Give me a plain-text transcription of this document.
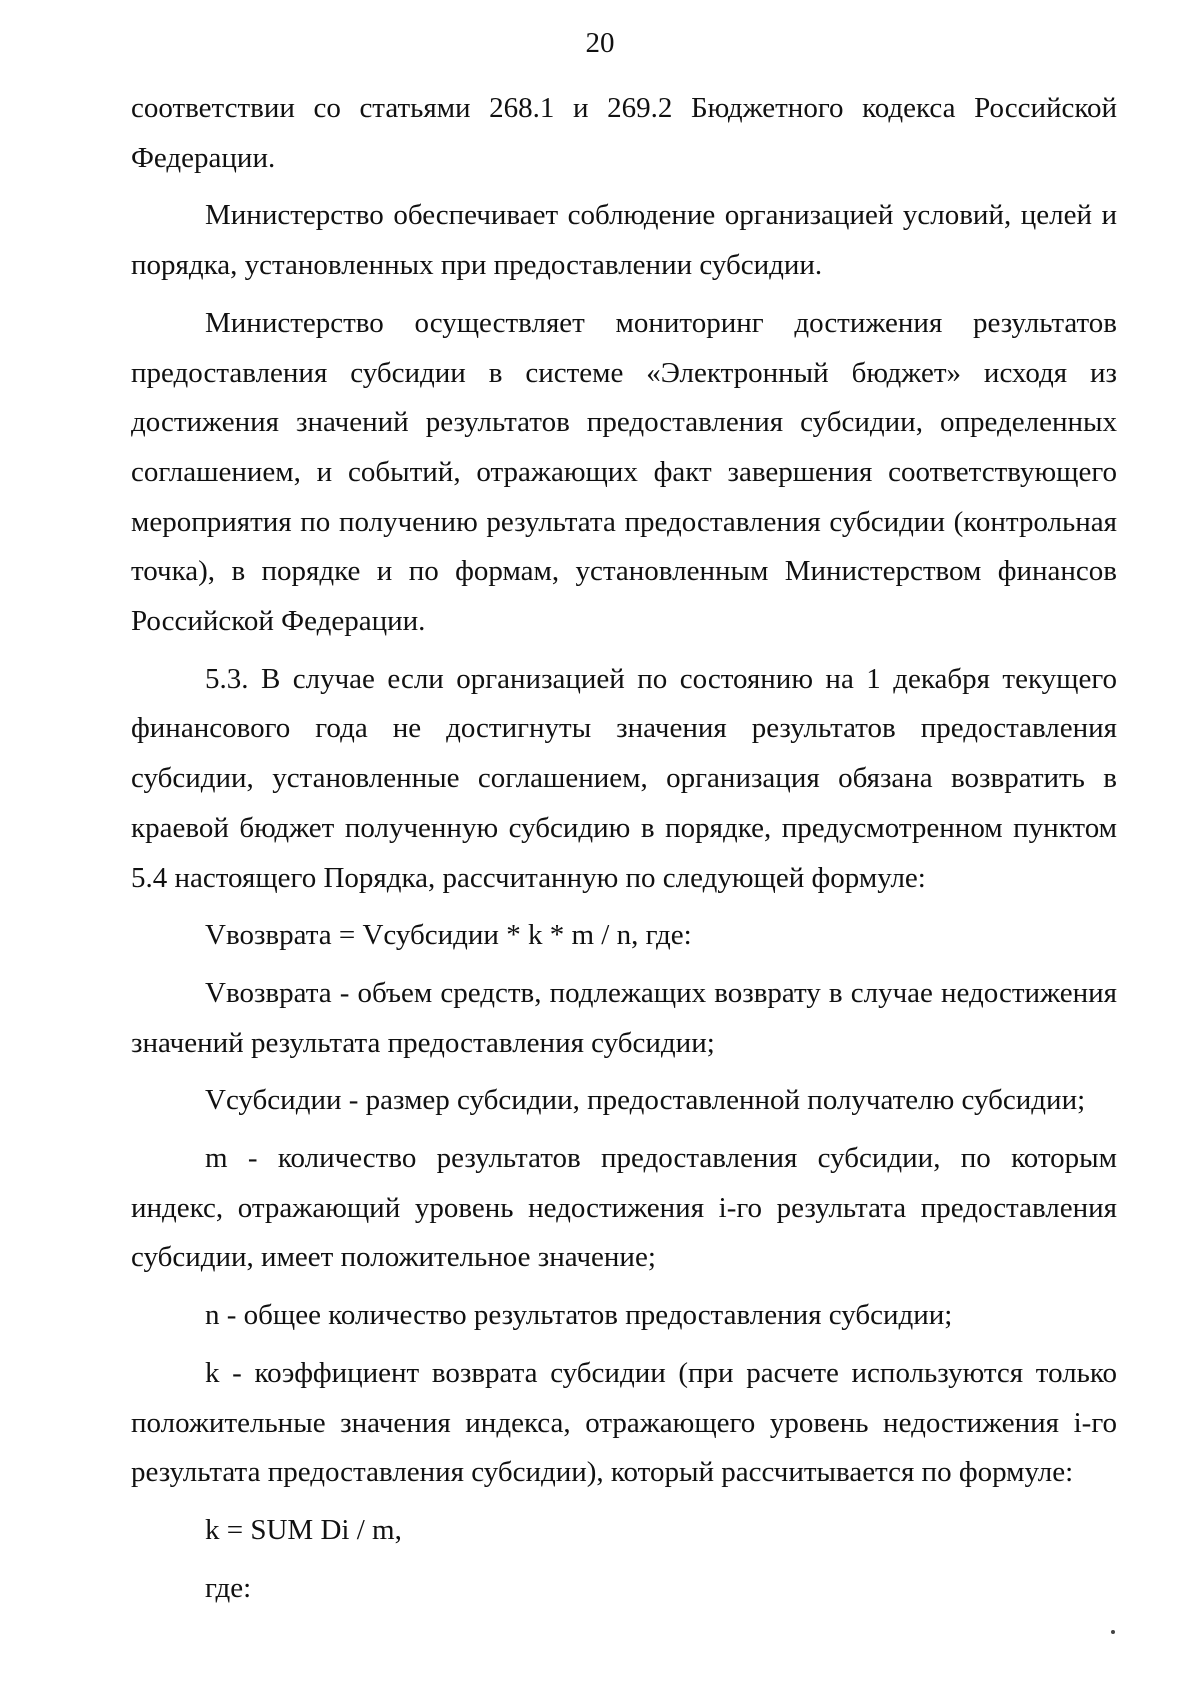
20

соответствии со статьями 268.1 и 269.2 Бюджетного кодекса Российской Федерации.

Министерство обеспечивает соблюдение организацией условий, целей и порядка, установленных при предоставлении субсидии.

Министерство осуществляет мониторинг достижения результатов предоставления субсидии в системе «Электронный бюджет» исходя из достижения значений результатов предоставления субсидии, определенных соглашением, и событий, отражающих факт завершения соответствующего мероприятия по получению результата предоставления субсидии (контрольная точка), в порядке и по формам, установленным Министерством финансов Российской Федерации.

5.3. В случае если организацией по состоянию на 1 декабря текущего финансового года не достигнуты значения результатов предоставления субсидии, установленные соглашением, организация обязана возвратить в краевой бюджет полученную субсидию в порядке, предусмотренном пунктом 5.4 настоящего Порядка, рассчитанную по следующей формуле:

Vвозврата = Vсубсидии * k * m / n, где:

Vвозврата - объем средств, подлежащих возврату в случае недостижения значений результата предоставления субсидии;

Vсубсидии - размер субсидии, предоставленной получателю субсидии;

m - количество результатов предоставления субсидии, по которым индекс, отражающий уровень недостижения i-го результата предоставления субсидии, имеет положительное значение;

n - общее количество результатов предоставления субсидии;

k - коэффициент возврата субсидии (при расчете используются только положительные значения индекса, отражающего уровень недостижения i-го результата предоставления субсидии), который рассчитывается по формуле:

k = SUM Di / m,

где:
